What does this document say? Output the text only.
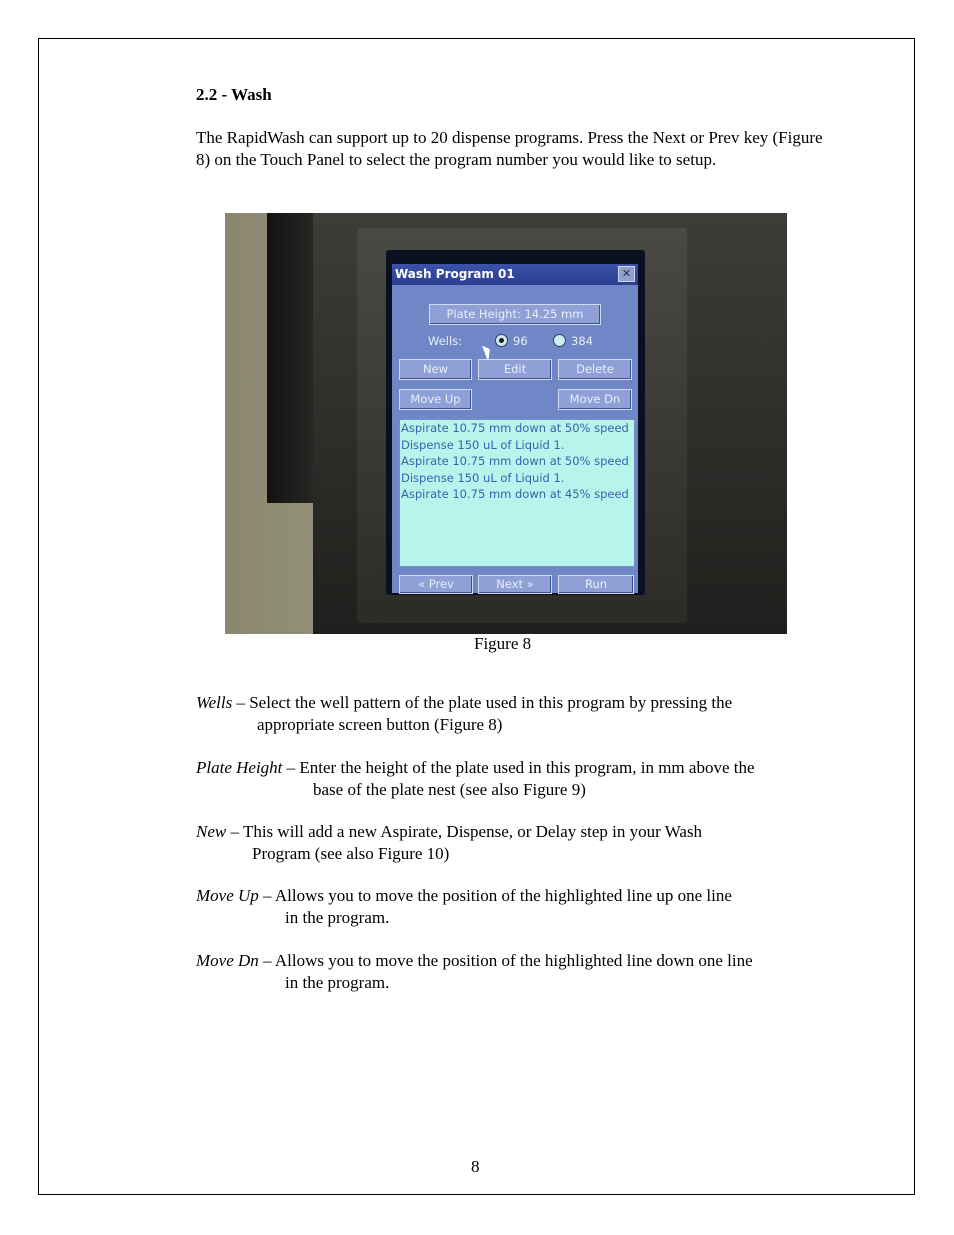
2.2 - Wash

The RapidWash can support up to 20 dispense programs. Press the Next or Prev key (Figure 8) on the Touch Panel to select the program number you would like to setup.

Wash Program 01	✕
Plate Height: 14.25 mm
Wells:	96	384
New	Edit	Delete
Move Up	Move Dn
Aspirate 10.75 mm down at 50% speed
Dispense 150 uL of Liquid 1.
Aspirate 10.75 mm down at 50% speed
Dispense 150 uL of Liquid 1.
Aspirate 10.75 mm down at 45% speed
« Prev	Next »	Run
Figure 8

Wells – Select the well pattern of the plate used in this program by pressing the
appropriate screen button (Figure 8)

Plate Height – Enter the height of the plate used in this program, in mm above the
base of the plate nest (see also Figure 9)

New – This will add a new Aspirate, Dispense, or Delay step in your Wash
Program (see also Figure 10)

Move Up – Allows you to move the position of the highlighted line up one line
in the program.

Move Dn – Allows you to move the position of the highlighted line down one line
in the program.

8
